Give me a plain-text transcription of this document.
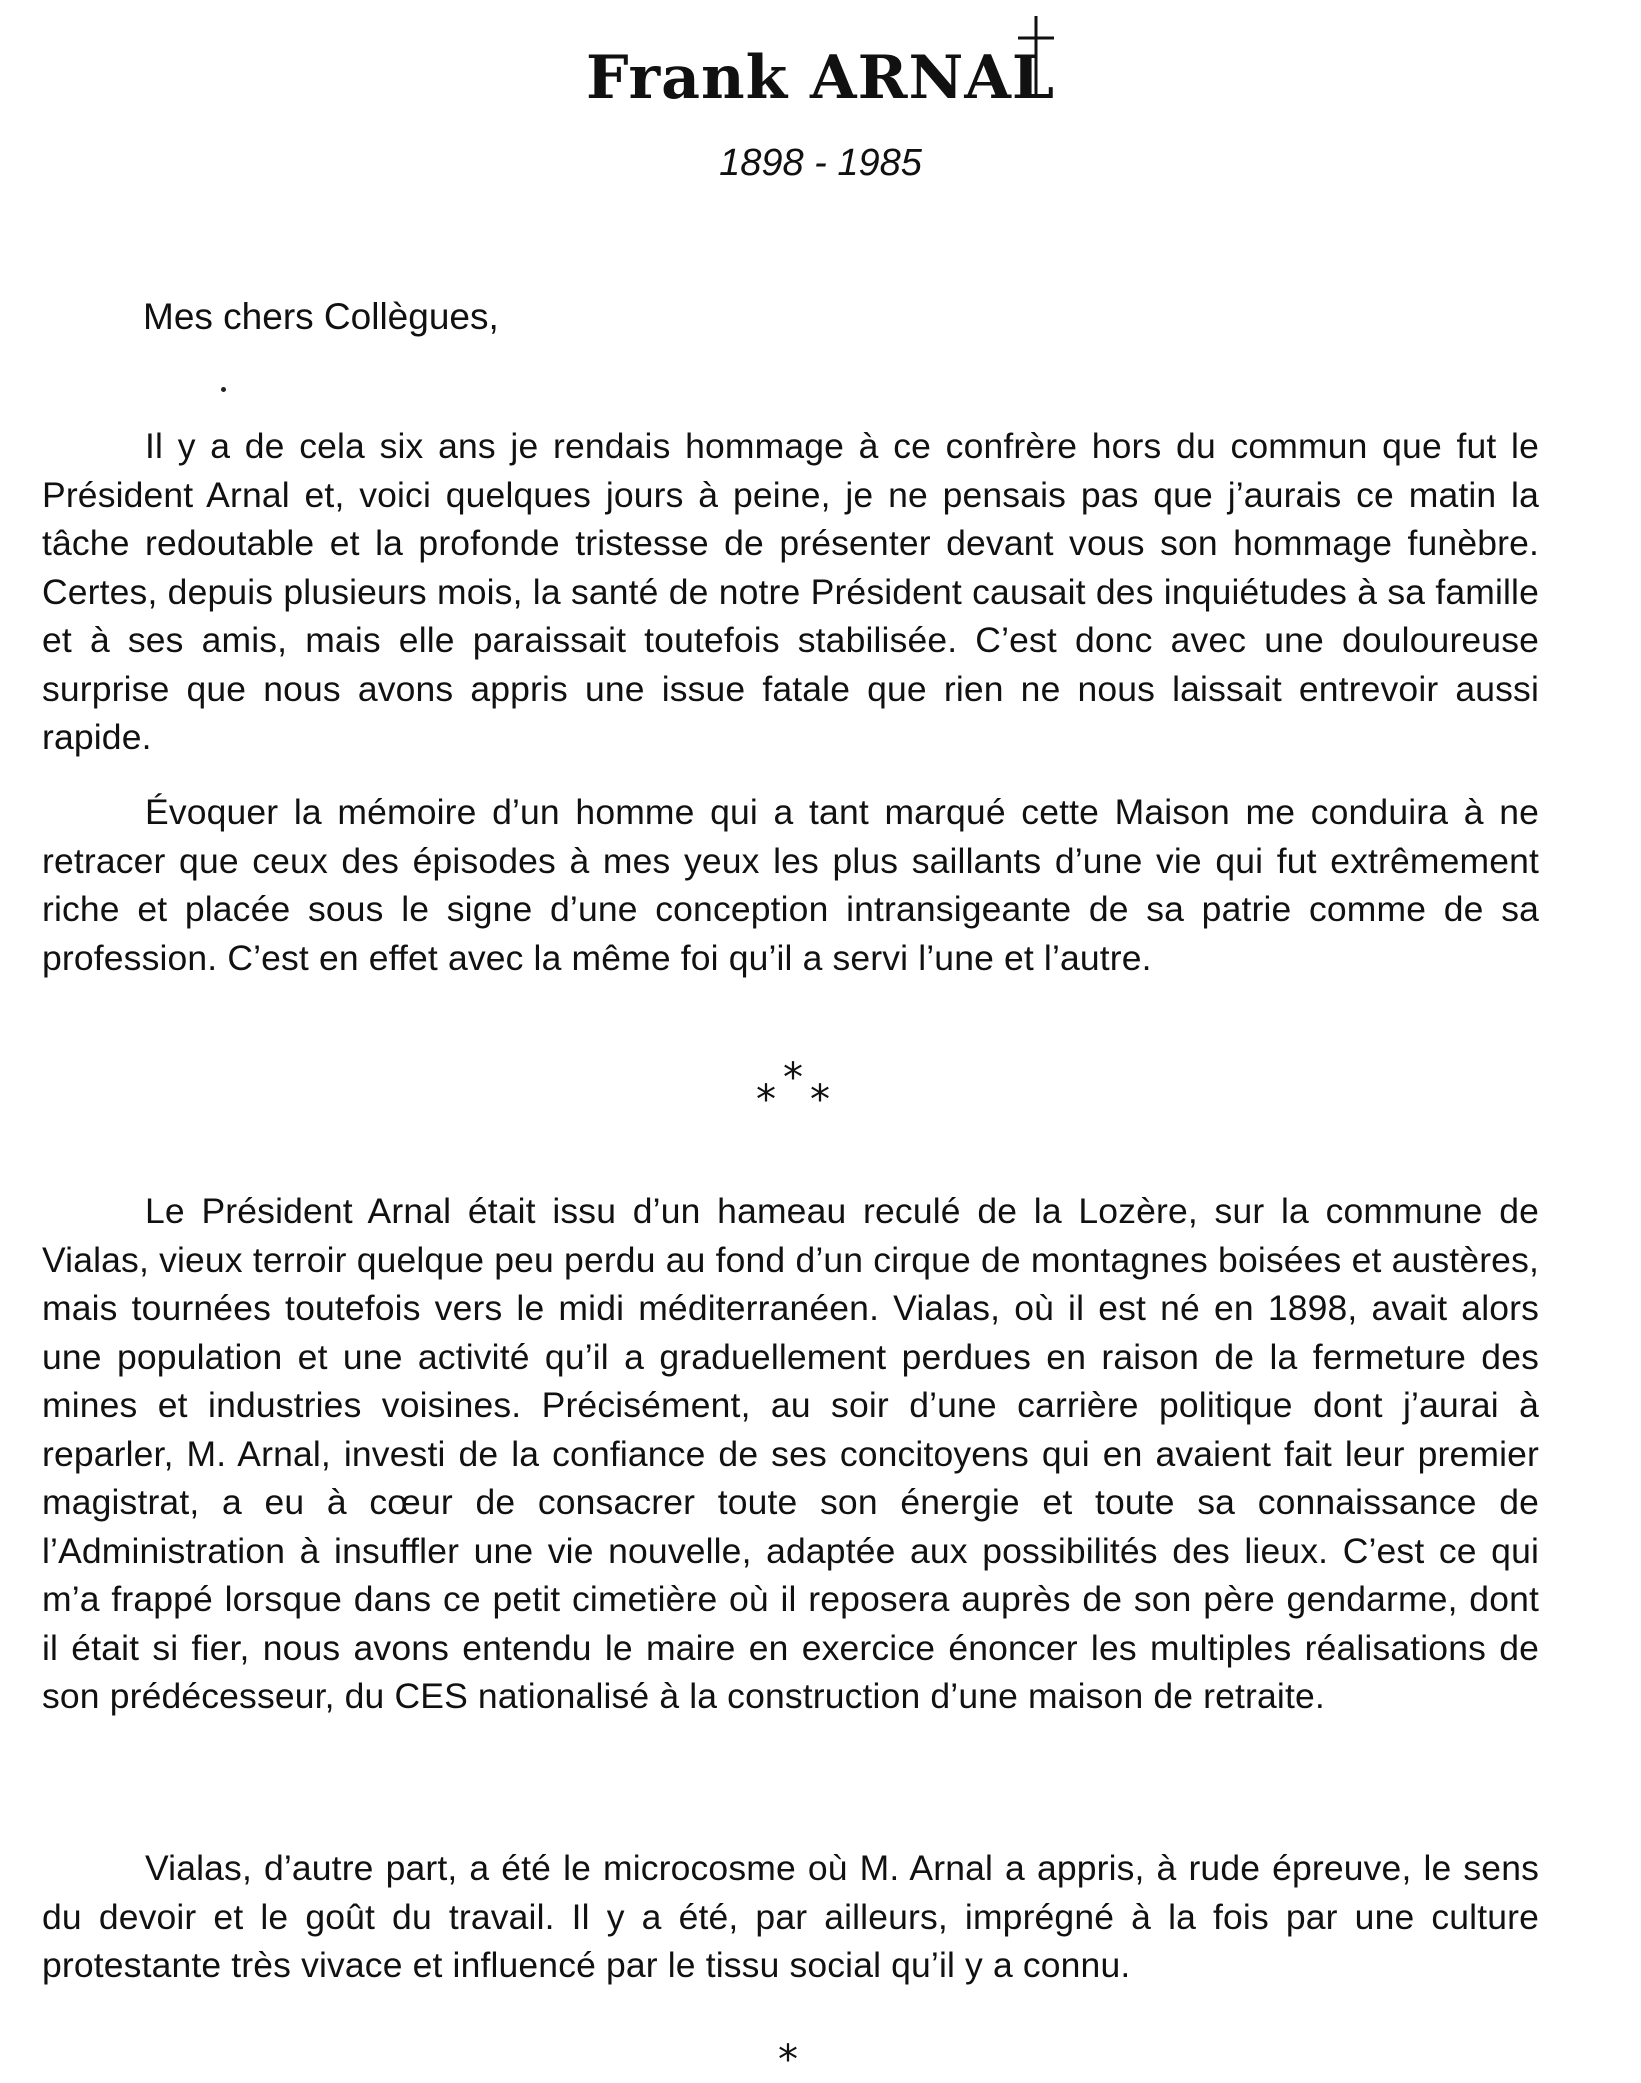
Frank ARNAL
1898 - 1985
Mes chers Collègues,

Il y a de cela six ans je rendais hommage à ce confrère hors du commun que fut le Président Arnal et, voici quelques jours à peine, je ne pensais pas que j’aurais ce matin la tâche redoutable et la profonde tristesse de présenter devant vous son hommage funèbre. Certes, depuis plusieurs mois, la santé de notre Président causait des inquiétudes à sa famille et à ses amis, mais elle paraissait toutefois stabilisée. C’est donc avec une douloureuse surprise que nous avons appris une issue fatale que rien ne nous laissait entrevoir aussi rapide.

Évoquer la mémoire d’un homme qui a tant marqué cette Maison me conduira à ne retracer que ceux des épisodes à mes yeux les plus saillants d’une vie qui fut extrêmement riche et placée sous le signe d’une conception intransigeante de sa patrie comme de sa profession. C’est en effet avec la même foi qu’il a servi l’une et l’autre.

*
* *

Le Président Arnal était issu d’un hameau reculé de la Lozère, sur la commune de Vialas, vieux terroir quelque peu perdu au fond d’un cirque de montagnes boisées et austères, mais tournées toutefois vers le midi méditerranéen. Vialas, où il est né en 1898, avait alors une population et une activité qu’il a graduellement perdues en raison de la fermeture des mines et industries voisines. Précisément, au soir d’une carrière politique dont j’aurai à reparler, M. Arnal, investi de la confiance de ses concitoyens qui en avaient fait leur premier magistrat, a eu à cœur de consacrer toute son énergie et toute sa connaissance de l’Administration à insuffler une vie nouvelle, adaptée aux possibilités des lieux. C’est ce qui m’a frappé lorsque dans ce petit cimetière où il reposera auprès de son père gendarme, dont il était si fier, nous avons entendu le maire en exercice énoncer les multiples réalisations de son prédécesseur, du CES nationalisé à la construction d’une maison de retraite.

Vialas, d’autre part, a été le microcosme où M. Arnal a appris, à rude épreuve, le sens du devoir et le goût du travail. Il y a été, par ailleurs, imprégné à la fois par une culture protestante très vivace et influencé par le tissu social qu’il y a connu.

*
